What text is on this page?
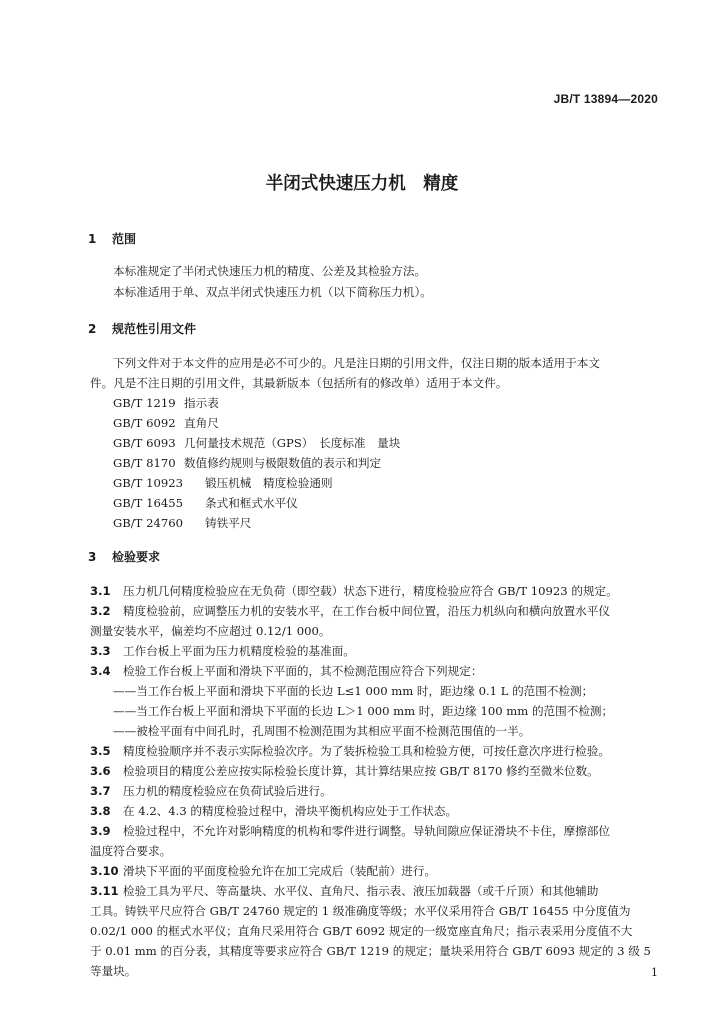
JB/T 13894—2020
半闭式快速压力机　精度
1 范围
本标准规定了半闭式快速压力机的精度、公差及其检验方法。
本标准适用于单、双点半闭式快速压力机（以下简称压力机）。
2 规范性引用文件
下列文件对于本文件的应用是必不可少的。凡是注日期的引用文件，仅注日期的版本适用于本文
件。凡是不注日期的引用文件，其最新版本（包括所有的修改单）适用于本文件。
GB/T 1219 指示表
GB/T 6092 直角尺
GB/T 6093 几何量技术规范（GPS）　长度标准　量块
GB/T 8170 数值修约规则与极限数值的表示和判定
GB/T 10923 锻压机械　精度检验通则
GB/T 16455 条式和框式水平仪
GB/T 24760 铸铁平尺
3 检验要求
3.1 压力机几何精度检验应在无负荷（即空载）状态下进行，精度检验应符合 GB/T 10923 的规定。
3.2 精度检验前，应调整压力机的安装水平，在工作台板中间位置，沿压力机纵向和横向放置水平仪
测量安装水平，偏差均不应超过 0.12/1 000。
3.3 工作台板上平面为压力机精度检验的基准面。
3.4 检验工作台板上平面和滑块下平面的，其不检测范围应符合下列规定：
——当工作台板上平面和滑块下平面的长边 L≤1 000 mm 时，距边缘 0.1 L 的范围不检测；
——当工作台板上平面和滑块下平面的长边 L＞1 000 mm 时，距边缘 100 mm 的范围不检测；
——被检平面有中间孔时，孔周围不检测范围为其相应平面不检测范围值的一半。
3.5 精度检验顺序并不表示实际检验次序。为了装拆检验工具和检验方便，可按任意次序进行检验。
3.6 检验项目的精度公差应按实际检验长度计算，其计算结果应按 GB/T 8170 修约至微米位数。
3.7 压力机的精度检验应在负荷试验后进行。
3.8 在 4.2、4.3 的精度检验过程中，滑块平衡机构应处于工作状态。
3.9 检验过程中，不允许对影响精度的机构和零件进行调整。导轨间隙应保证滑块不卡住，摩擦部位
温度符合要求。
3.10 滑块下平面的平面度检验允许在加工完成后（装配前）进行。
3.11 检验工具为平尺、等高量块、水平仪、直角尺、指示表、液压加载器（或千斤顶）和其他辅助
工具。铸铁平尺应符合 GB/T 24760 规定的 1 级准确度等级；水平仪采用符合 GB/T 16455 中分度值为
0.02/1 000 的框式水平仪；直角尺采用符合 GB/T 6092 规定的一级宽座直角尺；指示表采用分度值不大
于 0.01 mm 的百分表，其精度等要求应符合 GB/T 1219 的规定；量块采用符合 GB/T 6093 规定的 3 级 5
等量块。	1
